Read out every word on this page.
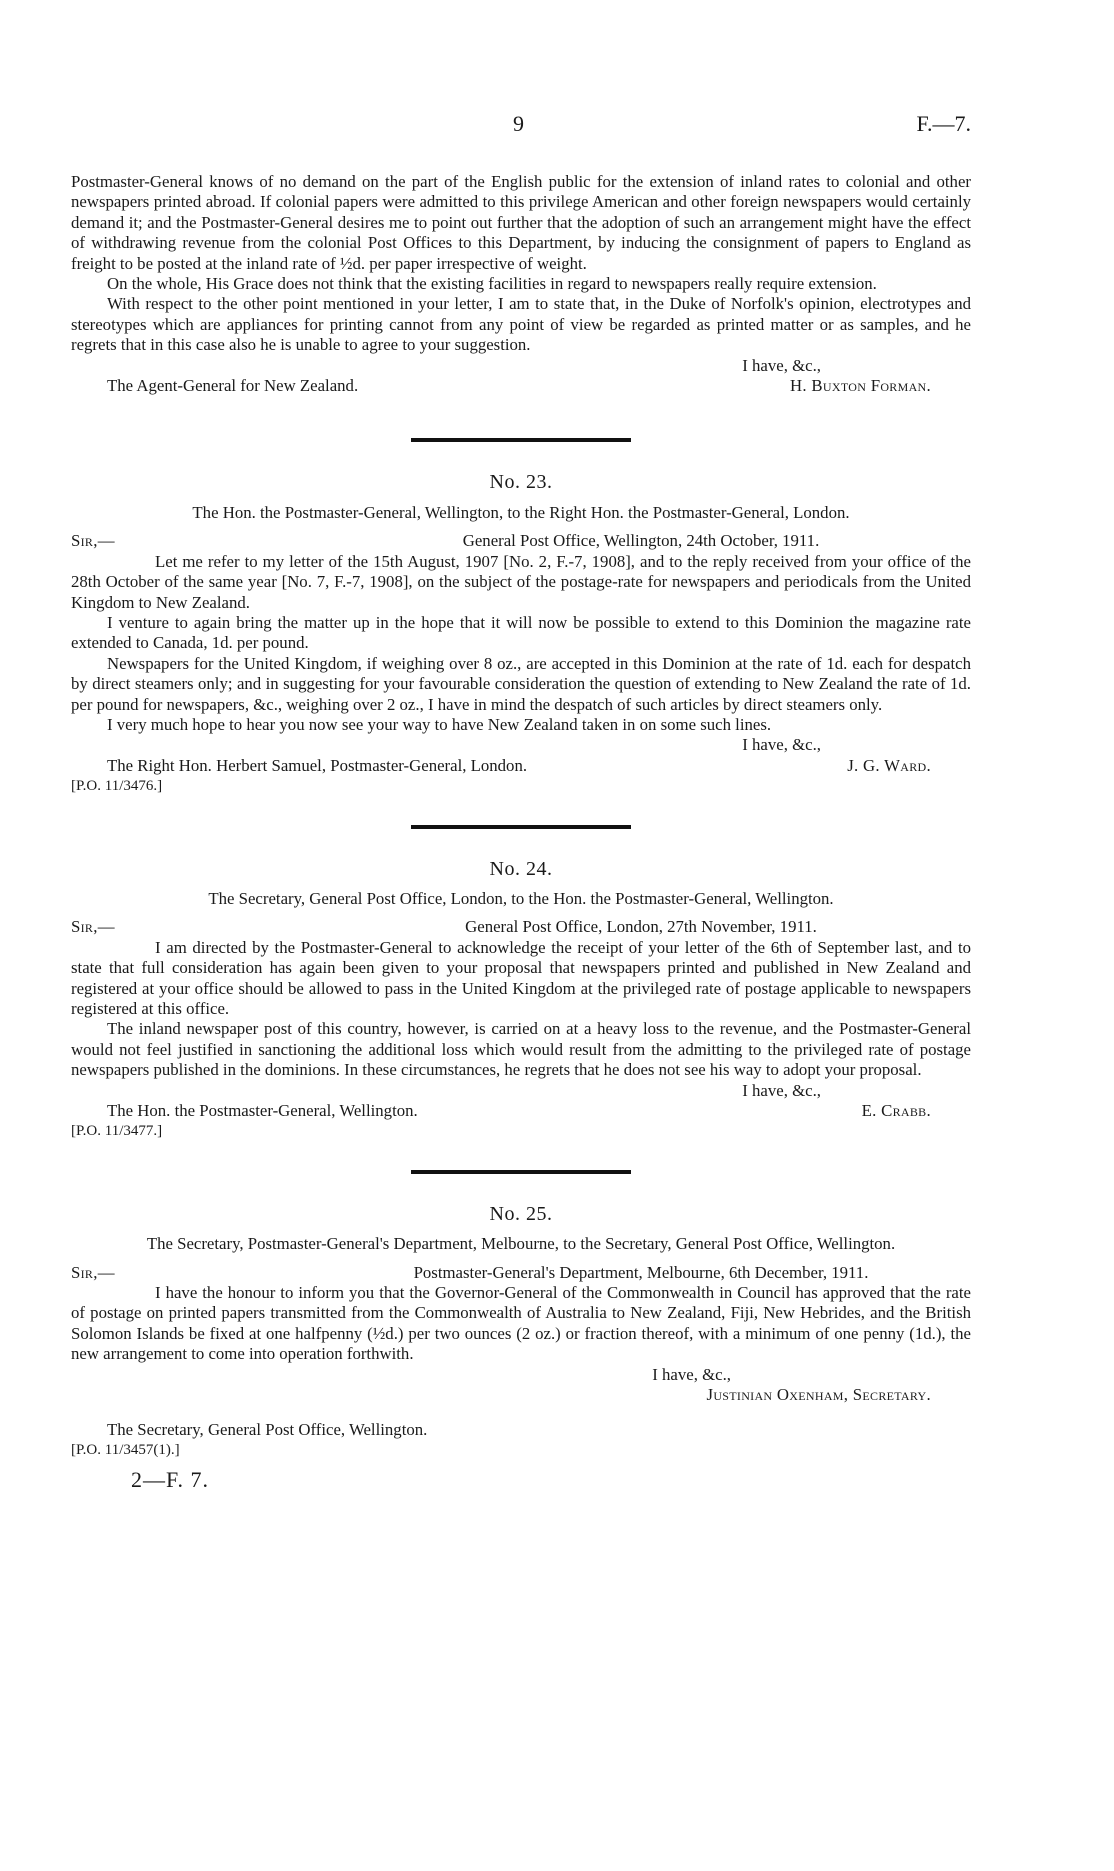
9	F.—7.

Postmaster-General knows of no demand on the part of the English public for the extension of inland rates to colonial and other newspapers printed abroad. If colonial papers were admitted to this privilege American and other foreign newspapers would certainly demand it; and the Postmaster-General desires me to point out further that the adoption of such an arrangement might have the effect of withdrawing revenue from the colonial Post Offices to this Department, by inducing the consignment of papers to England as freight to be posted at the inland rate of ½d. per paper irrespective of weight.

On the whole, His Grace does not think that the existing facilities in regard to newspapers really require extension.

With respect to the other point mentioned in your letter, I am to state that, in the Duke of Norfolk's opinion, electrotypes and stereotypes which are appliances for printing cannot from any point of view be regarded as printed matter or as samples, and he regrets that in this case also he is unable to agree to your suggestion.

I have, &c.,
The Agent-General for New Zealand.	H. Buxton Forman.
No. 23.
The Hon. the Postmaster-General, Wellington, to the Right Hon. the Postmaster-General, London.
Sir,—	General Post Office, Wellington, 24th October, 1911.

Let me refer to my letter of the 15th August, 1907 [No. 2, F.-7, 1908], and to the reply received from your office of the 28th October of the same year [No. 7, F.-7, 1908], on the subject of the postage-rate for newspapers and periodicals from the United Kingdom to New Zealand.

I venture to again bring the matter up in the hope that it will now be possible to extend to this Dominion the magazine rate extended to Canada, 1d. per pound.

Newspapers for the United Kingdom, if weighing over 8 oz., are accepted in this Dominion at the rate of 1d. each for despatch by direct steamers only; and in suggesting for your favourable consideration the question of extending to New Zealand the rate of 1d. per pound for newspapers, &c., weighing over 2 oz., I have in mind the despatch of such articles by direct steamers only.

I very much hope to hear you now see your way to have New Zealand taken in on some such lines.

I have, &c.,
The Right Hon. Herbert Samuel, Postmaster-General, London.	J. G. Ward.
[P.O. 11/3476.]
No. 24.
The Secretary, General Post Office, London, to the Hon. the Postmaster-General, Wellington.
Sir,—	General Post Office, London, 27th November, 1911.

I am directed by the Postmaster-General to acknowledge the receipt of your letter of the 6th of September last, and to state that full consideration has again been given to your proposal that newspapers printed and published in New Zealand and registered at your office should be allowed to pass in the United Kingdom at the privileged rate of postage applicable to newspapers registered at this office.

The inland newspaper post of this country, however, is carried on at a heavy loss to the revenue, and the Postmaster-General would not feel justified in sanctioning the additional loss which would result from the admitting to the privileged rate of postage newspapers published in the dominions. In these circumstances, he regrets that he does not see his way to adopt your proposal.

I have, &c.,
The Hon. the Postmaster-General, Wellington.	E. Crabb.
[P.O. 11/3477.]
No. 25.
The Secretary, Postmaster-General's Department, Melbourne, to the Secretary, General Post Office, Wellington.
Sir,—	Postmaster-General's Department, Melbourne, 6th December, 1911.

I have the honour to inform you that the Governor-General of the Commonwealth in Council has approved that the rate of postage on printed papers transmitted from the Commonwealth of Australia to New Zealand, Fiji, New Hebrides, and the British Solomon Islands be fixed at one halfpenny (½d.) per two ounces (2 oz.) or fraction thereof, with a minimum of one penny (1d.), the new arrangement to come into operation forthwith.

I have, &c.,
Justinian Oxenham, Secretary.
The Secretary, General Post Office, Wellington.
[P.O. 11/3457(1).]
2—F. 7.
